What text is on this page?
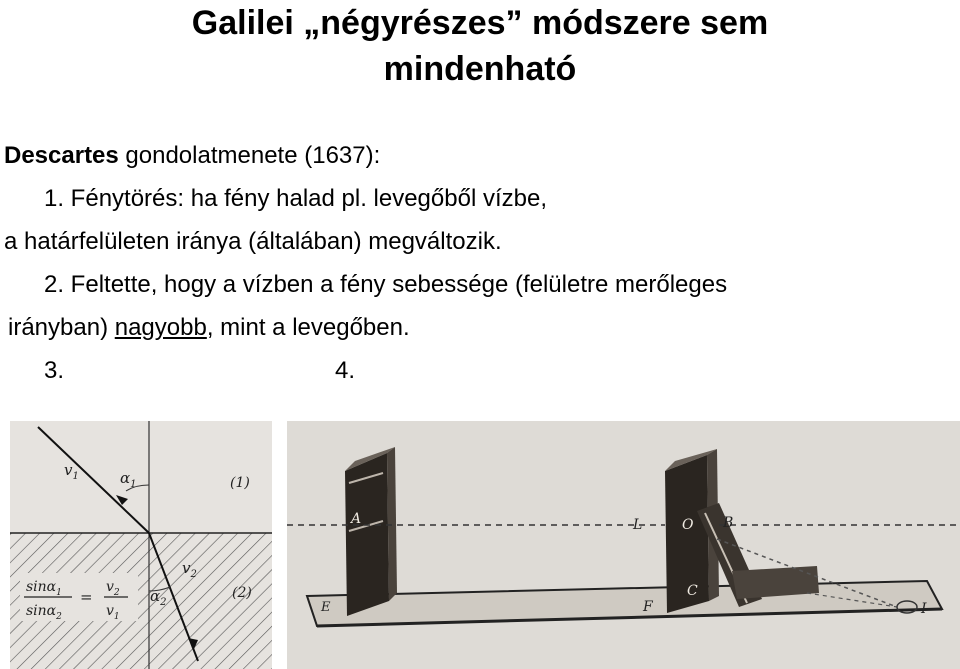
Galilei „négyrészes” módszere sem
mindenható
Descartes gondolatmenete (1637):
1. Fénytörés: ha fény halad pl. levegőből vízbe,
a határfelületen iránya (általában) megváltozik.
2. Feltette, hogy a vízben a fény sebessége (felületre merőleges
irányban) nagyobb, mint a levegőben.
3.	4.
$v_1$	$\alpha_1$	(1)
$v_2$
$\alpha_2$
(2)
sinα$_1$
sinα$_2$
=
$v_2$
$v_1$
A	L	O B
E	F
C
I
